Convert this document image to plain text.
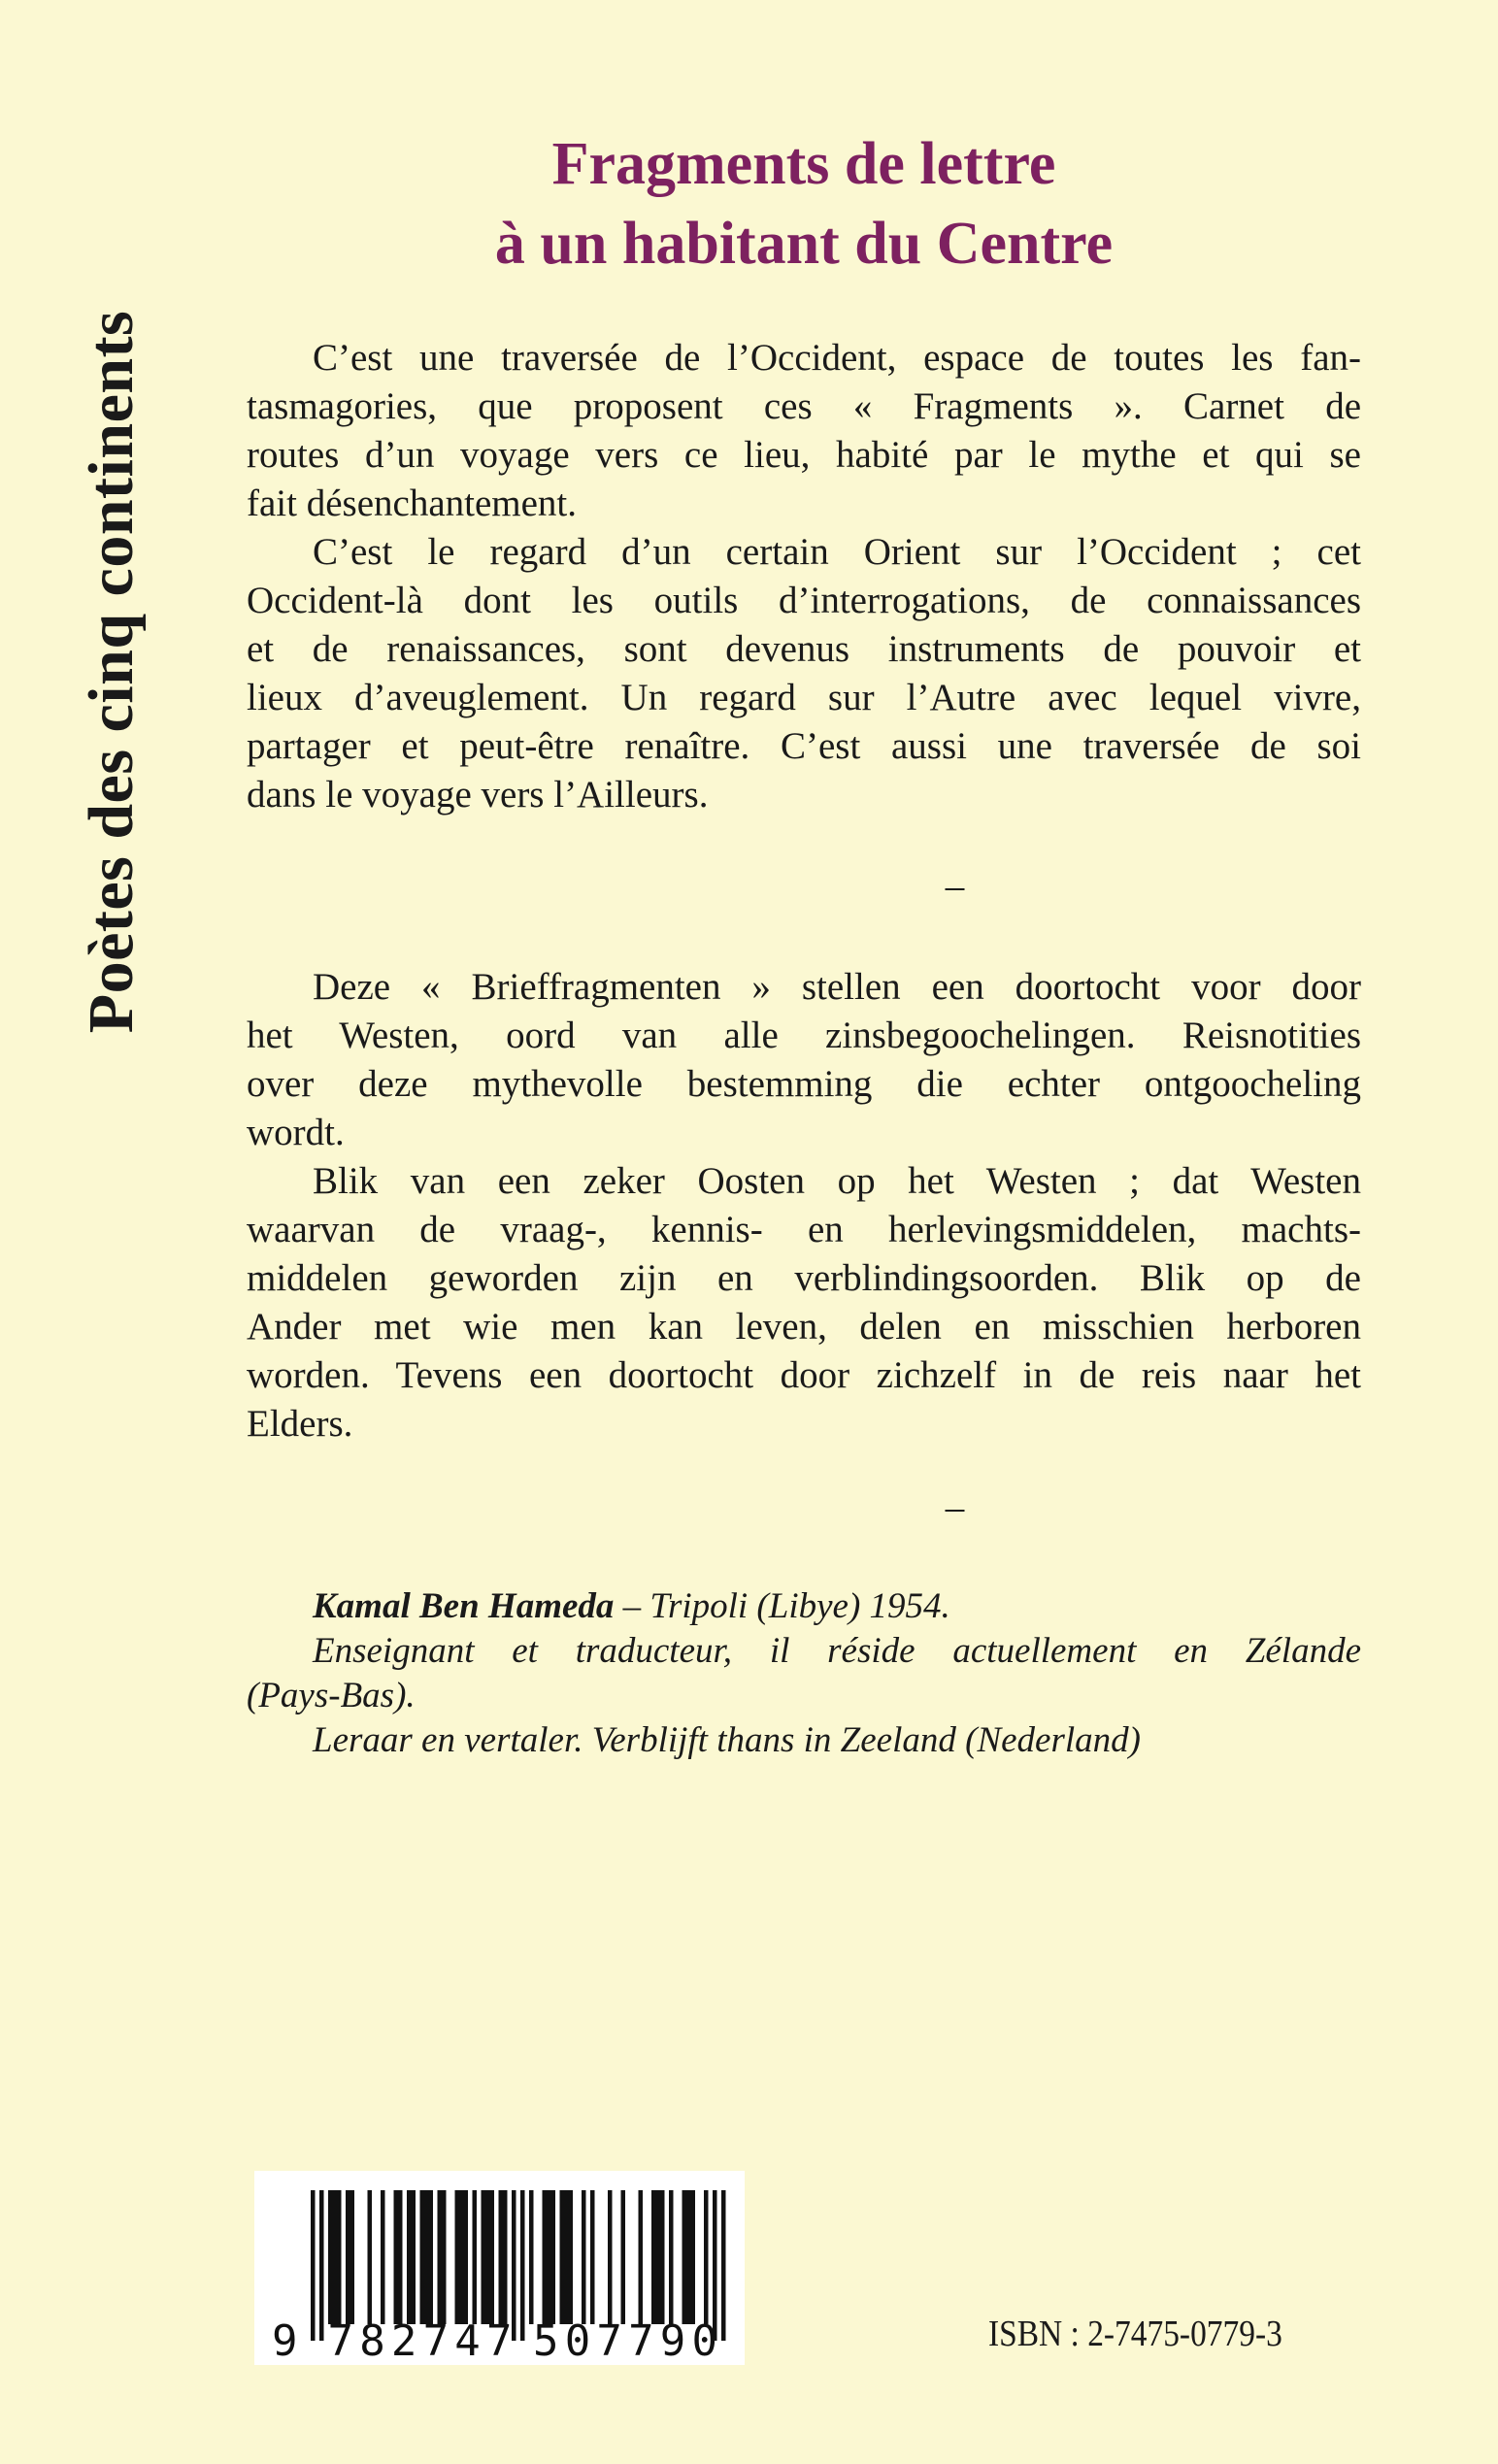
Poètes des cinq continents
Fragments de lettre
à un habitant du Centre
C’est une traversée de l’Occident, espace de toutes les fan-
tasmagories, que proposent ces « Fragments ». Carnet de
routes d’un voyage vers ce lieu, habité par le mythe et qui se
fait désenchantement.
C’est le regard d’un certain Orient sur l’Occident ; cet
Occident-là dont les outils d’interrogations, de connaissances
et de renaissances, sont devenus instruments de pouvoir et
lieux d’aveuglement. Un regard sur l’Autre avec lequel vivre,
partager et peut-être renaître. C’est aussi une traversée de soi
dans le voyage vers l’Ailleurs.
–
Deze « Brieffragmenten » stellen een doortocht voor door
het Westen, oord van alle zinsbegoochelingen. Reisnotities
over deze mythevolle bestemming die echter ontgoocheling
wordt.
Blik van een zeker Oosten op het Westen ; dat Westen
waarvan de vraag-, kennis- en herlevingsmiddelen, machts-
middelen geworden zijn en verblindingsoorden. Blik op de
Ander met wie men kan leven, delen en misschien herboren
worden. Tevens een doortocht door zichzelf in de reis naar het
Elders.
–
Kamal Ben Hameda – Tripoli (Libye) 1954.
Enseignant et traducteur, il réside actuellement en Zélande
(Pays-Bas).
Leraar en vertaler. Verblijft thans in Zeeland (Nederland)
9 782747 507790	ISBN : 2-7475-0779-3
